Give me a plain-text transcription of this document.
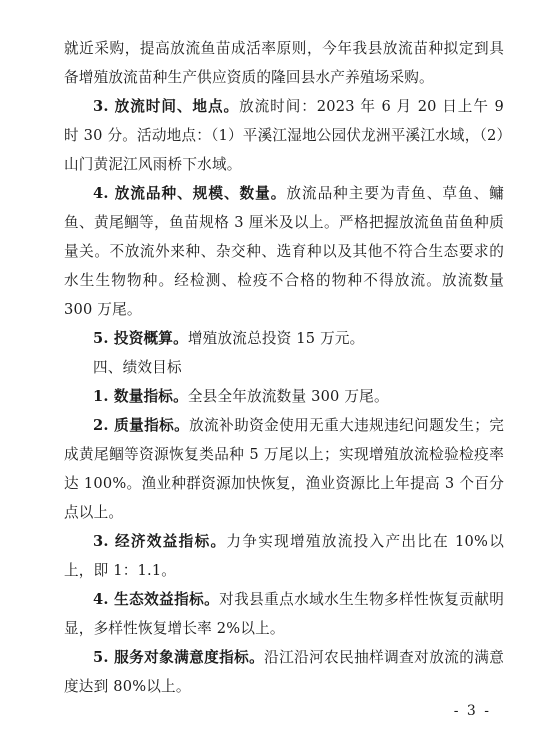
就近采购，提高放流鱼苗成活率原则，今年我县放流苗种拟定到具备增殖放流苗种生产供应资质的隆回县水产养殖场采购。

3. 放流时间、地点。放流时间：2023 年 6 月 20 日上午 9 时 30 分。活动地点：（1）平溪江湿地公园伏龙洲平溪江水域，（2）山门黄泥江风雨桥下水域。

4. 放流品种、规模、数量。放流品种主要为青鱼、草鱼、鳙鱼、黄尾鲴等，鱼苗规格 3 厘米及以上。严格把握放流鱼苗鱼种质量关。不放流外来种、杂交种、选育种以及其他不符合生态要求的水生生物物种。经检测、检疫不合格的物种不得放流。放流数量 300 万尾。

5. 投资概算。增殖放流总投资 15 万元。

四、绩效目标

1. 数量指标。全县全年放流数量 300 万尾。

2. 质量指标。放流补助资金使用无重大违规违纪问题发生；完成黄尾鲴等资源恢复类品种 5 万尾以上；实现增殖放流检验检疫率达 100%。渔业种群资源加快恢复，渔业资源比上年提高 3 个百分点以上。

3. 经济效益指标。力争实现增殖放流投入产出比在 10%以上，即 1：1.1。

4. 生态效益指标。对我县重点水域水生生物多样性恢复贡献明显，多样性恢复增长率 2%以上。

5. 服务对象满意度指标。沿江沿河农民抽样调查对放流的满意度达到 80%以上。

- 3 -
